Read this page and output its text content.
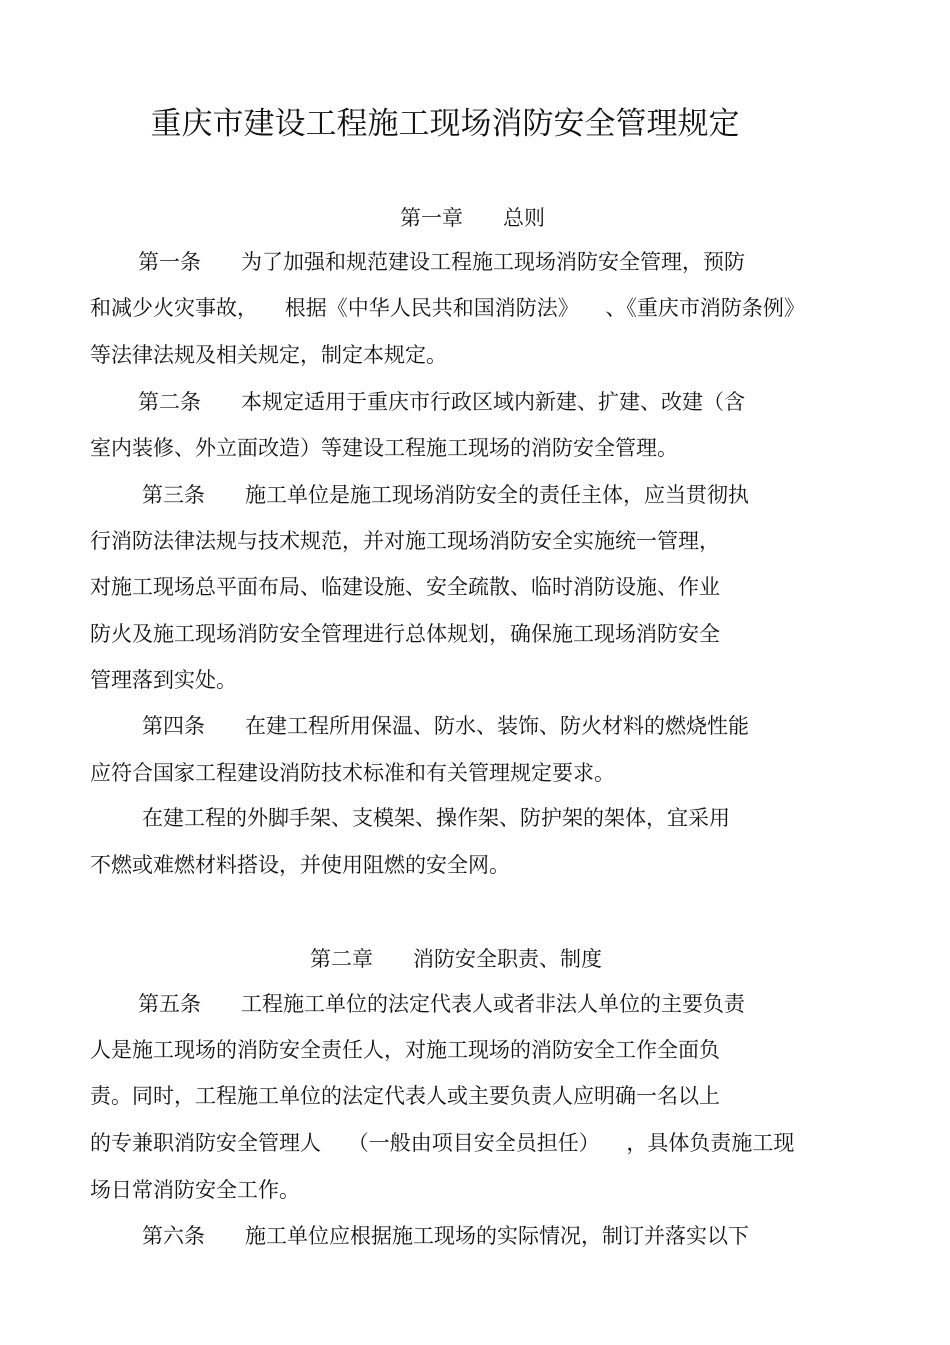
重庆市建设工程施工现场消防安全管理规定
第一章      总则
第一条      为了加强和规范建设工程施工现场消防安全管理，预防
和减少火灾事故，    根据《中华人民共和国消防法》    、《重庆市消防条例》
等法律法规及相关规定，制定本规定。
第二条      本规定适用于重庆市行政区域内新建、扩建、改建（含
室内装修、外立面改造）等建设工程施工现场的消防安全管理。
第三条      施工单位是施工现场消防安全的责任主体，应当贯彻执
行消防法律法规与技术规范，并对施工现场消防安全实施统一管理，
对施工现场总平面布局、临建设施、安全疏散、临时消防设施、作业
防火及施工现场消防安全管理进行总体规划，确保施工现场消防安全
管理落到实处。
第四条      在建工程所用保温、防水、装饰、防火材料的燃烧性能
应符合国家工程建设消防技术标准和有关管理规定要求。
在建工程的外脚手架、支模架、操作架、防护架的架体，宜采用
不燃或难燃材料搭设，并使用阻燃的安全网。
第二章      消防安全职责、制度
第五条      工程施工单位的法定代表人或者非法人单位的主要负责
人是施工现场的消防安全责任人，对施工现场的消防安全工作全面负
责。同时，工程施工单位的法定代表人或主要负责人应明确一名以上
的专兼职消防安全管理人    （一般由项目安全员担任）    ，具体负责施工现
场日常消防安全工作。
第六条      施工单位应根据施工现场的实际情况，制订并落实以下
